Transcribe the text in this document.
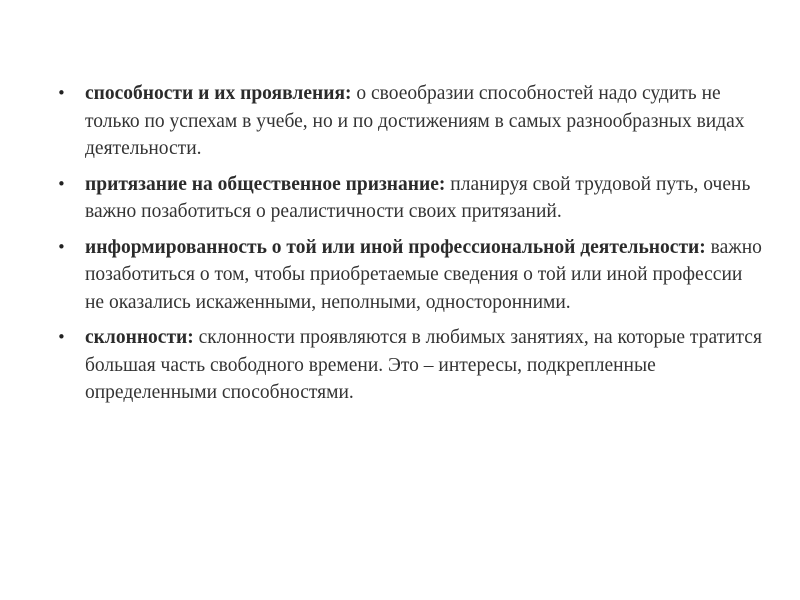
• способности и их проявления: о своеобразии способностей надо судить не только по успехам в учебе, но и по достижениям в самых разнообразных видах деятельности.
• притязание на общественное признание: планируя свой трудовой путь, очень важно позаботиться о реалистичности своих притязаний.
• информированность о той или иной профессиональной деятельности: важно позаботиться о том, чтобы приобретаемые сведения о той или иной профессии не оказались искаженными, неполными, односторонними.
• склонности: склонности проявляются в любимых занятиях, на которые тратится большая часть свободного времени. Это – интересы, подкрепленные определенными способностями.
